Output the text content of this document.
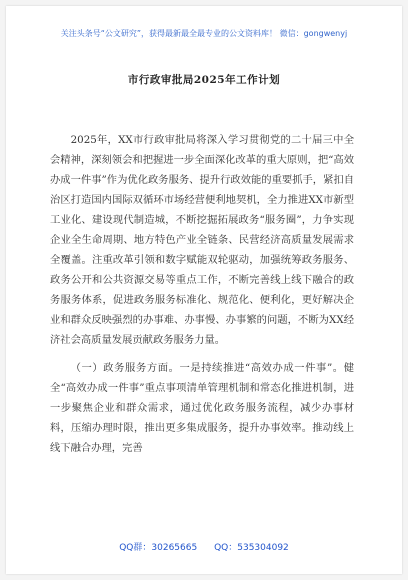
关注头条号“公文研究”，获得最新最全最专业的公文资料库！ 微信：gongwenyj
市行政审批局2025年工作计划

2025年，XX市行政审批局将深入学习贯彻党的二十届三中全会精神，深刻领会和把握进一步全面深化改革的重大原则，把“高效办成一件事”作为优化政务服务、提升行政效能的重要抓手，紧扣自治区打造国内国际双循环市场经营便利地契机，全力推进XX市新型工业化、建设现代制造城，不断挖掘拓展政务“服务圈”，力争实现企业全生命周期、地方特色产业全链条、民营经济高质量发展需求全覆盖。注重改革引领和数字赋能双轮驱动，加强统筹政务服务、政务公开和公共资源交易等重点工作，不断完善线上线下融合的政务服务体系，促进政务服务标准化、规范化、便利化，更好解决企业和群众反映强烈的办事难、办事慢、办事繁的问题，不断为XX经济社会高质量发展贡献政务服务力量。

（一）政务服务方面。一是持续推进“高效办成一件事”。健全“高效办成一件事”重点事项清单管理机制和常态化推进机制，进一步聚焦企业和群众需求，通过优化政务服务流程，减少办事材料，压缩办理时限，推出更多集成服务，提升办事效率。推动线上线下融合办理，完善

QQ群：30265665 QQ：535304092
